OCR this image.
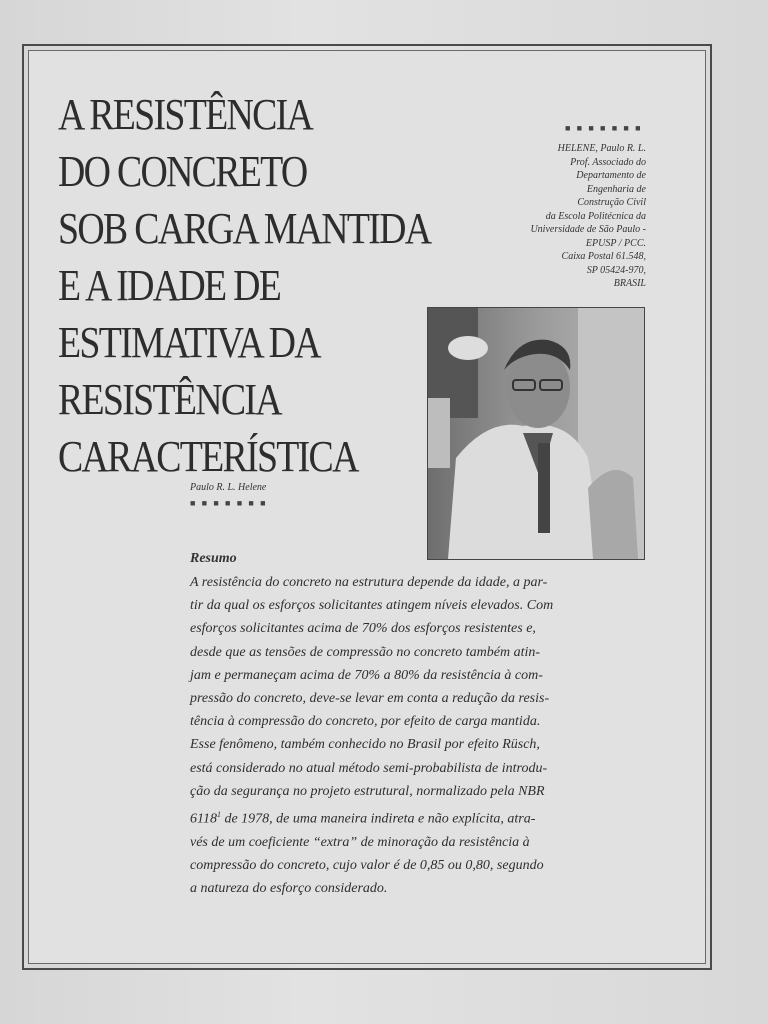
A RESISTÊNCIA
DO CONCRETO
SOB CARGA MANTIDA
E A IDADE DE
ESTIMATIVA DA
RESISTÊNCIA
CARACTERÍSTICA
Paulo R. L. Helene
■ ■ ■ ■ ■ ■ ■
■ ■ ■ ■ ■ ■ ■
HELENE, Paulo R. L.
Prof. Associado do
Departamento de
Engenharia de
Construção Civil
da Escola Politécnica da
Universidade de São Paulo -
EPUSP / PCC.
Caixa Postal 61.548,
SP 05424-970,
BRASIL
Resumo
A resistência do concreto na estrutura depende da idade, a par-
tir da qual os esforços solicitantes atingem níveis elevados. Com
esforços solicitantes acima de 70% dos esforços resistentes e,
desde que as tensões de compressão no concreto também atin-
jam e permaneçam acima de 70% a 80% da resistência à com-
pressão do concreto, deve-se levar em conta a redução da resis-
tência à compressão do concreto, por efeito de carga mantida.
Esse fenômeno, também conhecido no Brasil por efeito Rüsch,
está considerado no atual método semi-probabilista de introdu-
ção da segurança no projeto estrutural, normalizado pela NBR
6118$^1$ de 1978, de uma maneira indireta e não explícita, atra-
vés de um coeficiente “extra” de minoração da resistência à
compressão do concreto, cujo valor é de 0,85 ou 0,80, segundo
a natureza do esforço considerado.
